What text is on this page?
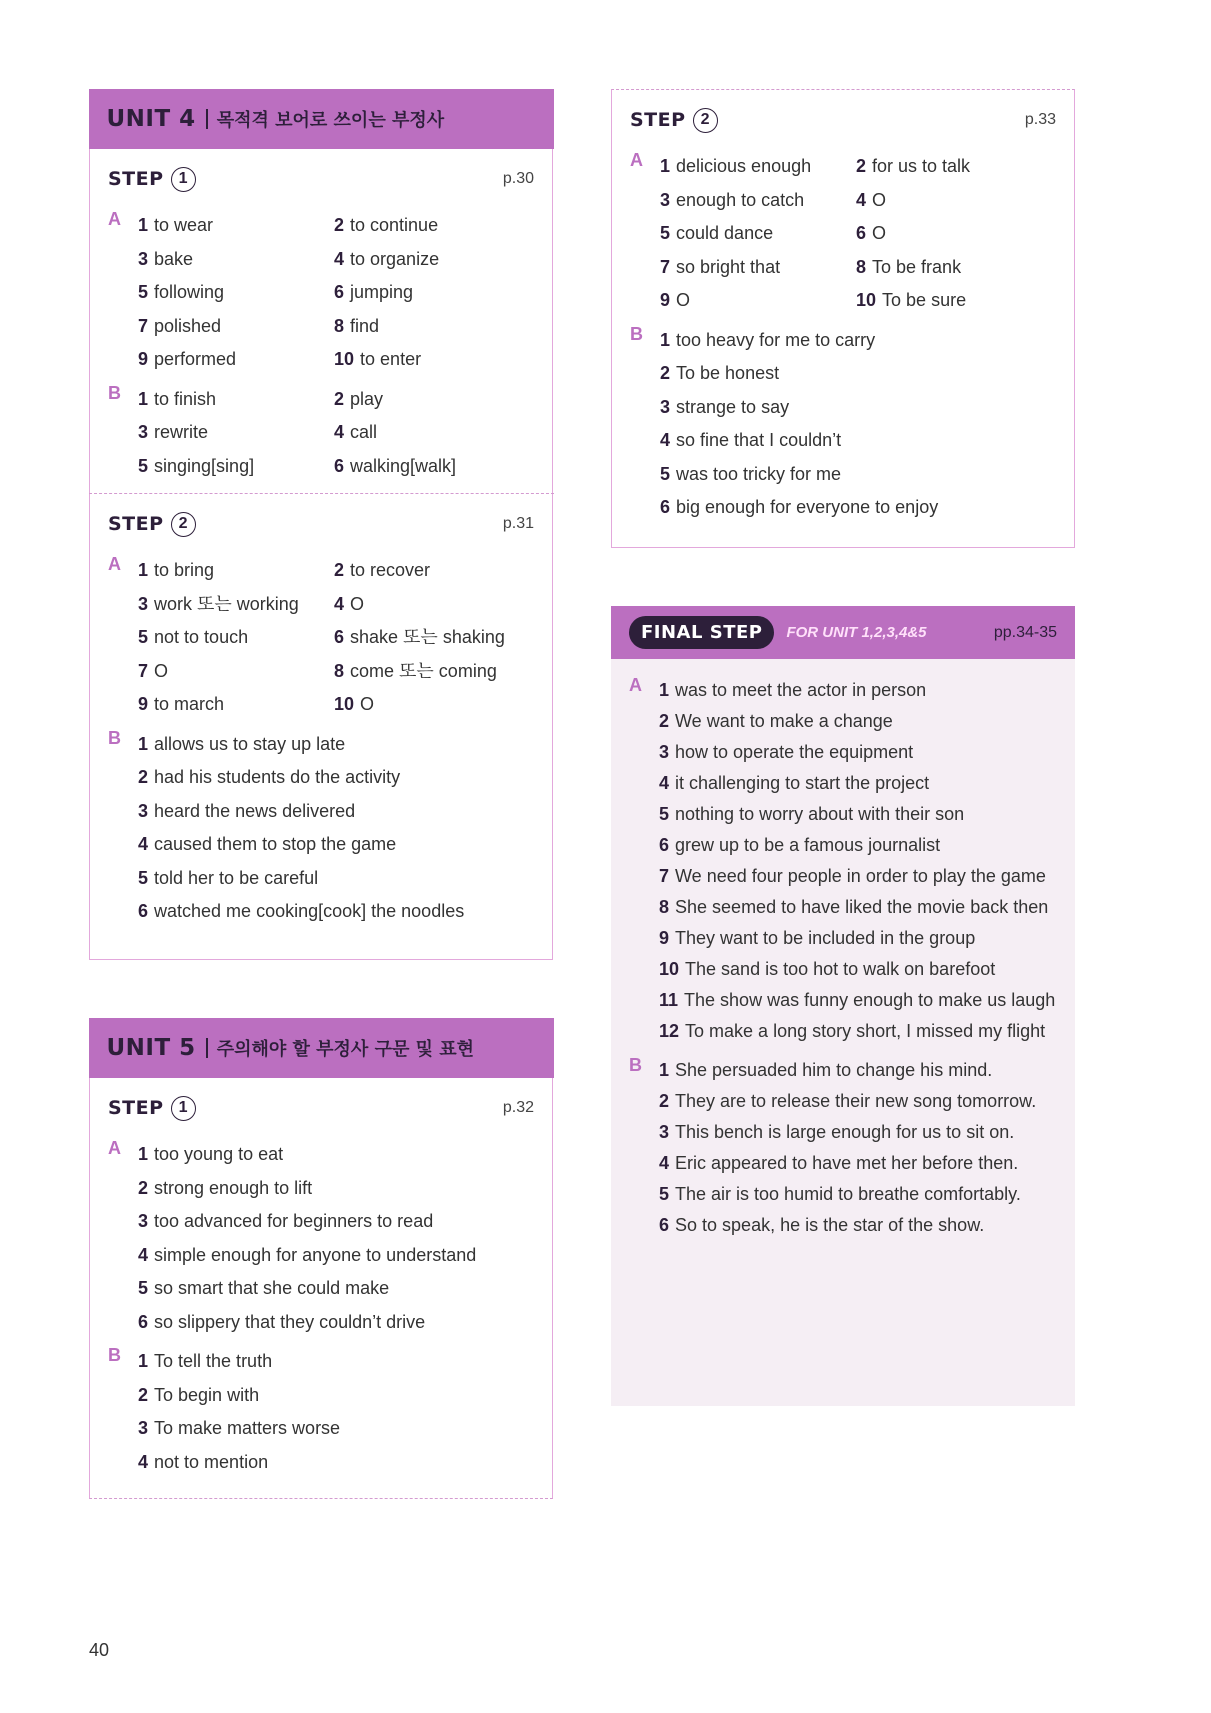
UNIT 4 목적격 보어로 쓰이는 부정사
STEP 1	p.30
A 1 to wear	2 to continue
3 bake	4 to organize
5 following	6 jumping
7 polished	8 find
9 performed	10 to enter
B 1 to finish	2 play
3 rewrite	4 call
5 singing[sing]	6 walking[walk]
STEP 2	p.31
A 1 to bring	2 to recover
3 work 또는 working	4 O
5 not to touch	6 shake 또는 shaking
7 O	8 come 또는 coming
9 to march	10 O
B 1 allows us to stay up late
2 had his students do the activity
3 heard the news delivered
4 caused them to stop the game
5 told her to be careful
6 watched me cooking[cook] the noodles
UNIT 5 주의해야 할 부정사 구문 및 표현
STEP 1	p.32
A 1 too young to eat
2 strong enough to lift
3 too advanced for beginners to read
4 simple enough for anyone to understand
5 so smart that she could make
6 so slippery that they couldn’t drive
B 1 To tell the truth
2 To begin with
3 To make matters worse
4 not to mention
STEP 2	p.33
A 1 delicious enough	2 for us to talk
3 enough to catch	4 O
5 could dance	6 O
7 so bright that	8 To be frank
9 O	10 To be sure
B 1 too heavy for me to carry
2 To be honest
3 strange to say
4 so fine that I couldn’t
5 was too tricky for me
6 big enough for everyone to enjoy
FINAL STEP	FOR UNIT 1,2,3,4&5	pp.34-35
A 1 was to meet the actor in person
2 We want to make a change
3 how to operate the equipment
4 it challenging to start the project
5 nothing to worry about with their son
6 grew up to be a famous journalist
7 We need four people in order to play the game
8 She seemed to have liked the movie back then
9 They want to be included in the group
10 The sand is too hot to walk on barefoot
11 The show was funny enough to make us laugh
12 To make a long story short, I missed my flight
B 1 She persuaded him to change his mind.
2 They are to release their new song tomorrow.
3 This bench is large enough for us to sit on.
4 Eric appeared to have met her before then.
5 The air is too humid to breathe comfortably.
6 So to speak, he is the star of the show.
40
